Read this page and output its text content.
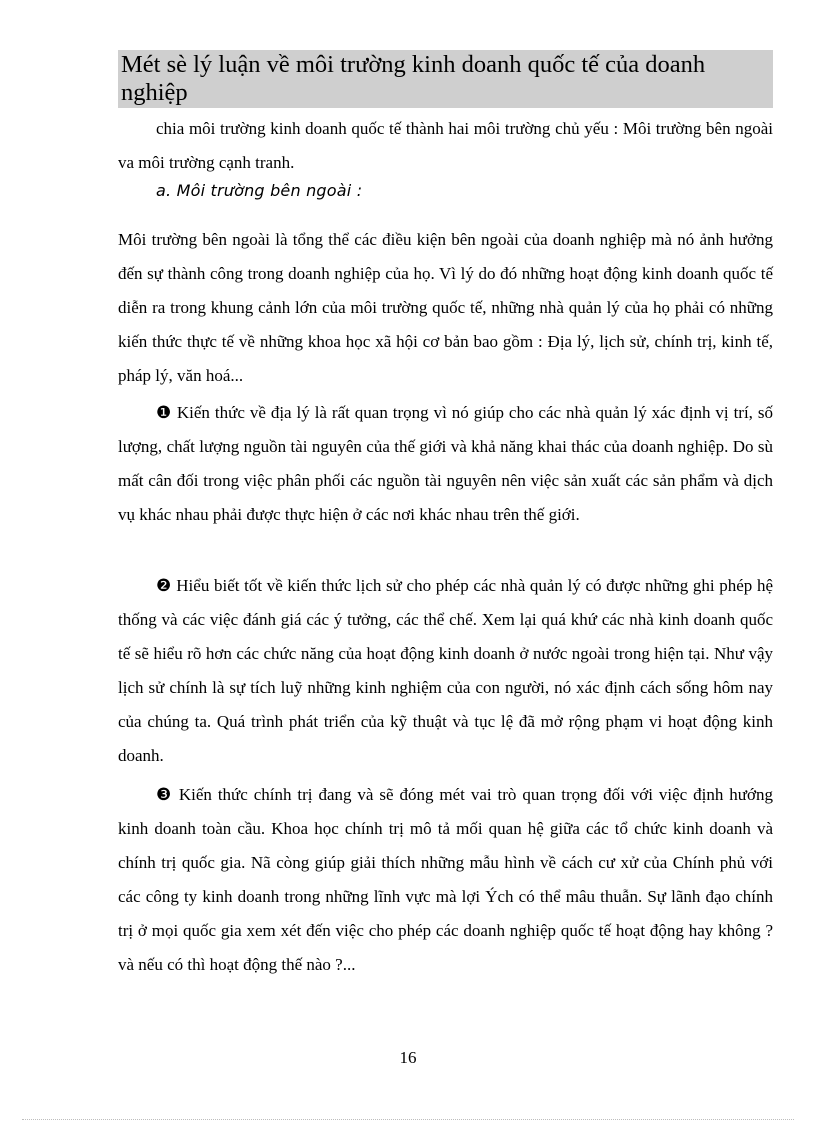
Mét sè lý luận về môi trường kinh doanh quốc tế của doanh nghiệp

chia môi trường kinh doanh quốc tế thành hai môi trường chủ yếu : Môi trường bên ngoài va môi trường cạnh tranh.

a. Môi trường bên ngoài :

Môi trường bên ngoài là tổng thể các điều kiện bên ngoài của doanh nghiệp mà nó ảnh hưởng đến sự thành công trong doanh nghiệp của họ. Vì lý do đó những hoạt động kinh doanh quốc tế diễn ra trong khung cảnh lớn của môi trường quốc tế, những nhà quản lý của họ phải có những kiến thức thực tế về những khoa học xã hội cơ bản bao gồm : Địa lý, lịch sử, chính trị, kinh tế, pháp lý, văn hoá...

❶ Kiến thức về địa lý là rất quan trọng vì nó giúp cho các nhà quản lý xác định vị trí, số lượng, chất lượng nguồn tài nguyên của thế giới và khả năng khai thác của doanh nghiệp. Do sù mất cân đối trong việc phân phối các nguồn tài nguyên nên việc sản xuất các sản phẩm và dịch vụ khác nhau phải được thực hiện ở các nơi khác nhau trên thế giới.

❷ Hiểu biết tốt về kiến thức lịch sử cho phép các nhà quản lý có được những ghi phép hệ thống và các việc đánh giá các ý tưởng, các thể chế. Xem lại quá khứ các nhà kinh doanh quốc tế sẽ hiểu rõ hơn các chức năng của hoạt động kinh doanh ở nước ngoài trong hiện tại. Như vậy lịch sử chính là sự tích luỹ những kinh nghiệm của con người, nó xác định cách sống hôm nay của chúng ta. Quá trình phát triển của kỹ thuật và tục lệ đã mở rộng phạm vi hoạt động kinh doanh.

❸ Kiến thức chính trị đang và sẽ đóng mét vai trò quan trọng đối với việc định hướng kinh doanh toàn cầu. Khoa học chính trị mô tả mối quan hệ giữa các tổ chức kinh doanh và chính trị quốc gia. Nã còng giúp giải thích những mẫu hình về cách cư xử của Chính phủ với các công ty kinh doanh trong những lĩnh vực mà lợi Ých có thể mâu thuẫn. Sự lãnh đạo chính trị ở mọi quốc gia xem xét đến việc cho phép các doanh nghiệp quốc tế hoạt động hay không ? và nếu có thì hoạt động thế nào ?...

16
